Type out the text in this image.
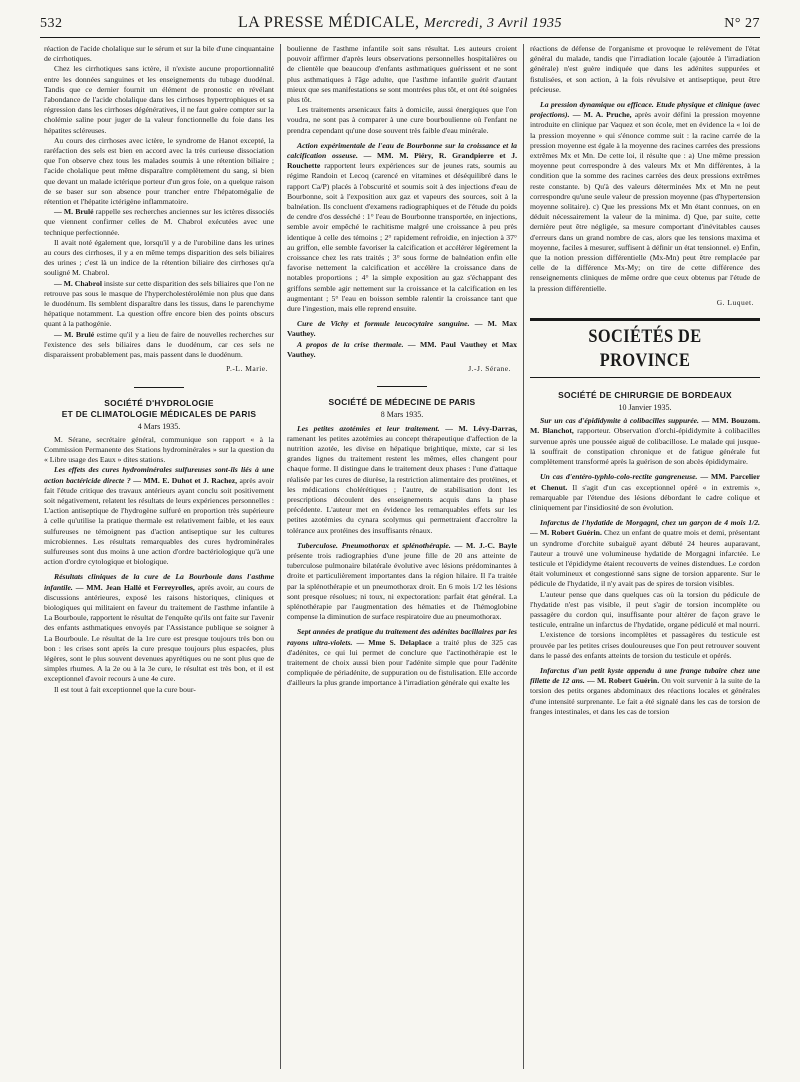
532	LA PRESSE MÉDICALE, Mercredi, 3 Avril 1935	N° 27

réaction de l'acide cholalique sur le sérum et sur la bile d'une cinquantaine de cirrhotiques.

Chez les cirrhotiques sans ictère, il n'existe aucune proportionnalité entre les données sanguines et les enseignements du tubage duodénal. Tandis que ce dernier fournit un élément de pronostic en révélant l'abondance de l'acide cholalique dans les cirrhoses hypertrophiques et sa régression dans les cirrhoses dégénératives, il ne faut guère compter sur la cholémie saline pour juger de la valeur fonctionnelle du foie dans les hépatites scléreuses.

Au cours des cirrhoses avec ictère, le syndrome de Hanot excepté, la raréfaction des sels est bien en accord avec la très curieuse dissociation que l'on observe chez tous les malades soumis à une rétention biliaire ; l'acide cholalique peut même disparaître complètement du sang, si bien que devant un malade ictérique porteur d'un gros foie, on a quelque raison de se baser sur son absence pour trancher entre l'hépatomégalie de rétention et l'hépatite ictérigène inflammatoire.

— M. Brulé rappelle ses recherches anciennes sur les ictères dissociés que viennent confirmer celles de M. Chabrol exécutées avec une technique perfectionnée.

Il avait noté également que, lorsqu'il y a de l'urobiline dans les urines au cours des cirrhoses, il y a en même temps disparition des sels biliaires des urines ; c'est là un indice de la rétention biliaire des cirrhoses qu'a souligné M. Chabrol.

— M. Chabrol insiste sur cette disparition des sels biliaires que l'on ne retrouve pas sous le masque de l'hypercholestérolémie non plus que dans le duodénum. Ils semblent disparaître dans les tissus, dans le parenchyme hépatique notamment. La question offre encore bien des points obscurs quant à la pathogénie.

— M. Brulé estime qu'il y a lieu de faire de nouvelles recherches sur l'existence des sels biliaires dans le duodénum, car ces sels ne disparaissent probablement pas, mais passent dans le duodénum.

P.-L. Marie.
SOCIÉTÉ D'HYDROLOGIE
ET DE CLIMATOLOGIE MÉDICALES DE PARIS
4 Mars 1935.

M. Sérane, secrétaire général, communique son rapport « à la Commission Permanente des Stations hydrominérales » sur la question du « Libre usage des Eaux » dites stations.

Les effets des cures hydrominérales sulfureuses sont-ils liés à une action bactéricide directe ? — MM. E. Duhot et J. Rachez, après avoir fait l'étude critique des travaux antérieurs ayant conclu soit positivement soit négativement, relatent les résultats de leurs expériences personnelles : L'action antiseptique de l'hydrogène sulfuré en proportion très supérieure à celle qu'utilise la pratique thermale est relativement faible, et les eaux sulfureuses ne témoignent pas d'action antiseptique sur les cultures microbiennes. Les résultats remarquables des cures hydrominérales sulfureuses sont dus moins à une action d'ordre bactériologique qu'à une action d'ordre cytologique et biologique.

Résultats cliniques de la cure de La Bourboule dans l'asthme infantile. — MM. Jean Hallé et Ferreyrolles, après avoir, au cours de discussions antérieures, exposé les raisons historiques, cliniques et biologiques qui militaient en faveur du traitement de l'asthme infantile à La Bourboule, rapportent le résultat de l'enquête qu'ils ont faite sur l'avenir des enfants asthmatiques envoyés par l'Assistance publique se soigner à La Bourboule. Le résultat de la 1re cure est presque toujours très bon ou bon : les crises sont après la cure presque toujours plus espacées, plus légères, sont le plus souvent devenues apyrétiques ou ne sont plus que de simples rhumes. A la 2e ou à la 3e cure, le résultat est très bon, et il est exceptionnel d'avoir recours à une 4e cure.

Il est tout à fait exceptionnel que la cure bour-

boulienne de l'asthme infantile soit sans résultat. Les auteurs croient pouvoir affirmer d'après leurs observations personnelles hospitalières ou de clientèle que beaucoup d'enfants asthmatiques guérissent et ne sont plus asthmatiques à l'âge adulte, que l'asthme infantile guérit d'autant mieux que ses manifestations se sont montrées plus tôt, et ont été soignées plus tôt.

Les traitements arsenicaux faits à domicile, aussi énergiques que l'on voudra, ne sont pas à comparer à une cure bourboulienne où l'enfant ne prendra cependant qu'une dose souvent très faible d'eau minérale.

Action expérimentale de l'eau de Bourbonne sur la croissance et la calcification osseuse. — MM. M. Piéry, R. Grandpierre et J. Rouchette rapportent leurs expériences sur de jeunes rats, soumis au régime Randoin et Lecoq (carencé en vitamines et déséquilibré dans le rapport Ca/P) placés à l'obscurité et soumis soit à des injections d'eau de Bourbonne, soit à l'exposition aux gaz et vapeurs des sources, soit à la balnéation. Ils concluent d'examens radiographiques et de l'étude du poids de cendre d'os desséché : 1° l'eau de Bourbonne transportée, en injections, semble avoir empêché le rachitisme malgré une croissance à peu près identique à celle des témoins ; 2° rapidement refroidie, en injection à 37° au griffon, elle semble favoriser la calcification et accélérer légèrement la croissance chez les rats traités ; 3° sous forme de balnéation enfin elle favorise nettement la calcification et accélère la croissance dans de notables proportions ; 4° la simple exposition au gaz s'échappant des griffons semble agir nettement sur la croissance et la calcification en les augmentant ; 5° l'eau en boisson semble ralentir la croissance tant que dure l'ingestion, mais elle reprend ensuite.

Cure de Vichy et formule leucocytaire sanguine. — M. Max Vauthey.

A propos de la crise thermale. — MM. Paul Vauthey et Max Vauthey.

J.-J. Sérane.
SOCIÉTÉ DE MÉDECINE DE PARIS
8 Mars 1935.

Les petites azotémies et leur traitement. — M. Lévy-Darras, ramenant les petites azotémies au concept thérapeutique d'affection de la nutrition azotée, les divise en hépatique brightique, mixte, car si les grandes lignes du traitement restent les mêmes, elles changent pour chaque forme. Il distingue dans le traitement deux phases : l'une d'attaque réalisée par les cures de diurèse, la restriction alimentaire des protéines, et les médications cholérétiques ; l'autre, de stabilisation dont les prescriptions découlent des enseignements acquis dans la phase précédente. L'auteur met en évidence les remarquables effets sur les petites azotémies du cynara scolymus qui permettraient d'accroître la tolérance aux protéines des insuffisants rénaux.

Tuberculose. Pneumothorax et splénothérapie. — M. J.-C. Bayle présente trois radiographies d'une jeune fille de 20 ans atteinte de tuberculose pulmonaire bilatérale évolutive avec lésions prédominantes à droite et particulièrement importantes dans la région hilaire. Il l'a traitée par la splénothérapie et un pneumothorax droit. En 6 mois 1/2 les lésions sont presque résolues; ni toux, ni expectoration: parfait état général. La splénothérapie par l'augmentation des hématies et de l'hémoglobine compense la diminution de surface respiratoire due au pneumothorax.

Sept années de pratique du traitement des adénites bacillaires par les rayons ultra-violets. — Mme S. Delaplace a traité plus de 325 cas d'adénites, ce qui lui permet de conclure que l'actinothérapie est le traitement de choix aussi bien pour l'adénite simple que pour l'adénite compliquée de périadénite, de suppuration ou de fistulisation. Elle accorde d'ailleurs la plus grande importance à l'irradiation générale qui exalte les

réactions de défense de l'organisme et provoque le relèvement de l'état général du malade, tandis que l'irradiation locale (ajoutée à l'irradiation générale) n'est guère indiquée que dans les adénites suppurées et fistulisées, et son action, à la fois révulsive et antiseptique, peut être précieuse.

La pression dynamique ou efficace. Etude physique et clinique (avec projections). — M. A. Pruche, après avoir défini la pression moyenne introduite en clinique par Vaquez et son école, met en évidence la « loi de la pression moyenne » qui s'énonce comme suit : la racine carrée de la pression moyenne est égale à la moyenne des racines carrées des pressions extrêmes Mx et Mn. De cette loi, il résulte que : a) Une même pression moyenne peut correspondre à des valeurs Mx et Mn différentes, à la condition que la somme des racines carrées des deux pressions extrêmes reste constante. b) Qu'à des valeurs déterminées Mx et Mn ne peut correspondre qu'une seule valeur de pression moyenne (pas d'hypertension moyenne solitaire). c) Que les pressions Mx et Mn étant connues, on en déduit nécessairement la valeur de la minima. d) Que, par suite, cette dernière peut être négligée, sa mesure comportant d'inévitables causes d'erreurs dans un grand nombre de cas, alors que les tensions maxima et moyenne, faciles à mesurer, suffisent à définir un état tensionnel. e) Enfin, que la notion pression différentielle (Mx-Mn) peut être remplacée par celle de la différence Mx-My; on tire de cette différence des renseignements cliniques de même ordre que ceux obtenus par l'étude de la pression différentielle.

G. Luquet.
SOCIÉTÉS DE PROVINCE
SOCIÉTÉ DE CHIRURGIE DE BORDEAUX
10 Janvier 1935.

Sur un cas d'épididymite à colibacilles suppurée. — MM. Bouzom. M. Blanchot, rapporteur. Observation d'orchi-épididymite à colibacilles survenue après une poussée aiguë de colibacillose. Le malade qui jusque-là souffrait de constipation chronique et de fatigue générale fut complètement transformé après la guérison de son abcès épididymaire.

Un cas d'entéro-typhlo-colo-rectite gangreneuse. — MM. Parcelier et Chenut. Il s'agit d'un cas exceptionnel opéré « in extremis », remarquable par l'étendue des lésions débordant le cadre colique et cliniquement par l'insidiosité de son évolution.

Infarctus de l'hydatide de Morgagni, chez un garçon de 4 mois 1/2. — M. Robert Guérin. Chez un enfant de quatre mois et demi, présentant un syndrome d'orchite subaiguë ayant débuté 24 heures auparavant, l'auteur a trouvé une volumineuse hydatide de Morgagni infarctée. Le testicule et l'épididyme étaient recouverts de veines distendues. Le cordon était volumineux et congestionné sans signe de torsion apparente. Sur le pédicule de l'hydatide, il n'y avait pas de spires de torsion visibles.

L'auteur pense que dans quelques cas où la torsion du pédicule de l'hydatide n'est pas visible, il peut s'agir de torsion incomplète ou passagère du cordon qui, insuffisante pour altérer de façon grave le testicule, entraîne un infarctus de l'hydatide, organe pédiculé et mal nourri.

L'existence de torsions incomplètes et passagères du testicule est prouvée par les petites crises douloureuses que l'on peut retrouver souvent dans le passé des enfants atteints de torsion du testicule et opérés.

Infarctus d'un petit kyste appendu à une frange tubaire chez une fillette de 12 ans. — M. Robert Guérin. On voit survenir à la suite de la torsion des petits organes abdominaux des réactions locales et générales d'une intensité surprenante. Le fait a été signalé dans les cas de torsion de franges intestinales, et dans les cas de torsion
